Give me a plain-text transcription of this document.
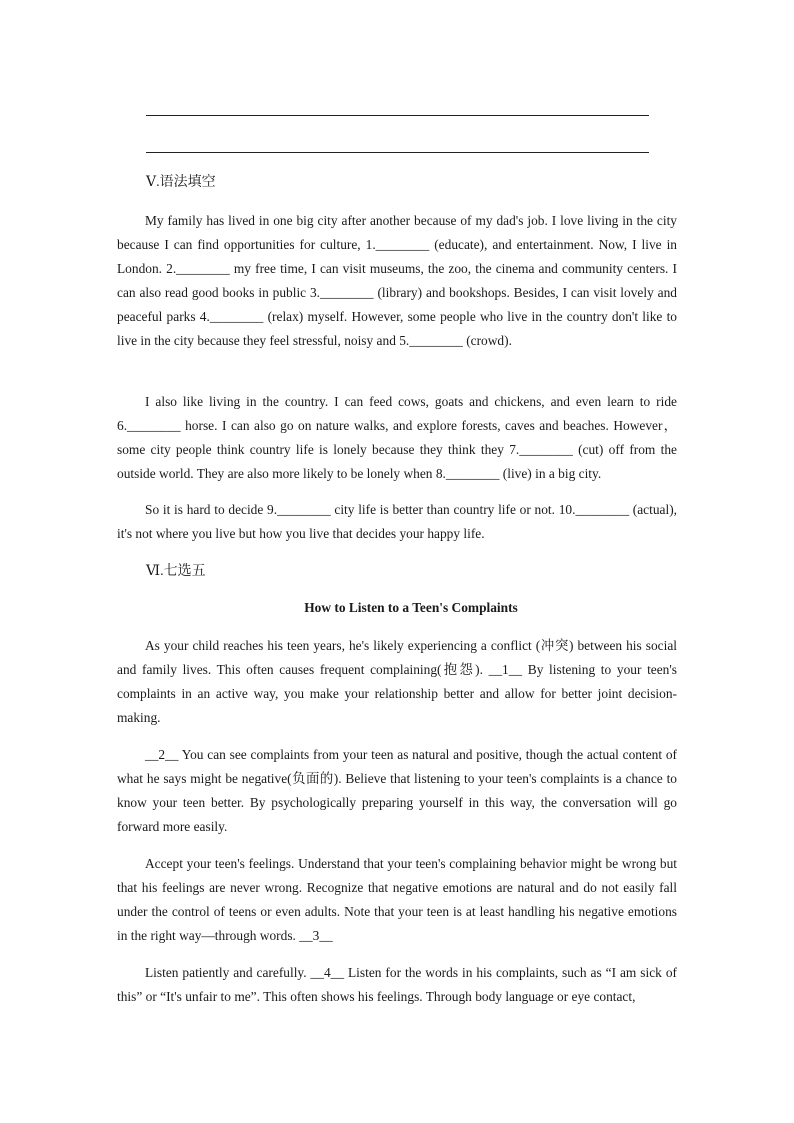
Ⅴ.语法填空

My family has lived in one big city after another because of my dad's job. I love living in the city because I can find opportunities for culture, 1.________ (educate), and entertainment. Now, I live in London. 2.________ my free time, I can visit museums, the zoo, the cinema and community centers. I can also read good books in public 3.________ (library) and bookshops. Besides, I can visit lovely and peaceful parks 4.________ (relax) myself. However, some people who live in the country don't like to live in the city because they feel stressful, noisy and 5.________ (crowd).

I also like living in the country. I can feed cows, goats and chickens, and even learn to ride 6.________ horse. I can also go on nature walks, and explore forests, caves and beaches. However，some city people think country life is lonely because they think they 7.________ (cut) off from the outside world. They are also more likely to be lonely when 8.________ (live) in a big city.

So it is hard to decide 9.________ city life is better than country life or not. 10.________ (actual), it's not where you live but how you live that decides your happy life.

Ⅵ.七选五
How to Listen to a Teen's Complaints

As your child reaches his teen years, he's likely experiencing a conflict (冲突) between his social and family lives. This often causes frequent complaining(抱怨). __1__ By listening to your teen's complaints in an active way, you make your relationship better and allow for better joint decision-making.

__2__ You can see complaints from your teen as natural and positive, though the actual content of what he says might be negative(负面的). Believe that listening to your teen's complaints is a chance to know your teen better. By psychologically preparing yourself in this way, the conversation will go forward more easily.

Accept your teen's feelings. Understand that your teen's complaining behavior might be wrong but that his feelings are never wrong. Recognize that negative emotions are natural and do not easily fall under the control of teens or even adults. Note that your teen is at least handling his negative emotions in the right way—through words. __3__

Listen patiently and carefully. __4__ Listen for the words in his complaints, such as “I am sick of this” or “It's unfair to me”. This often shows his feelings. Through body language or eye contact,
